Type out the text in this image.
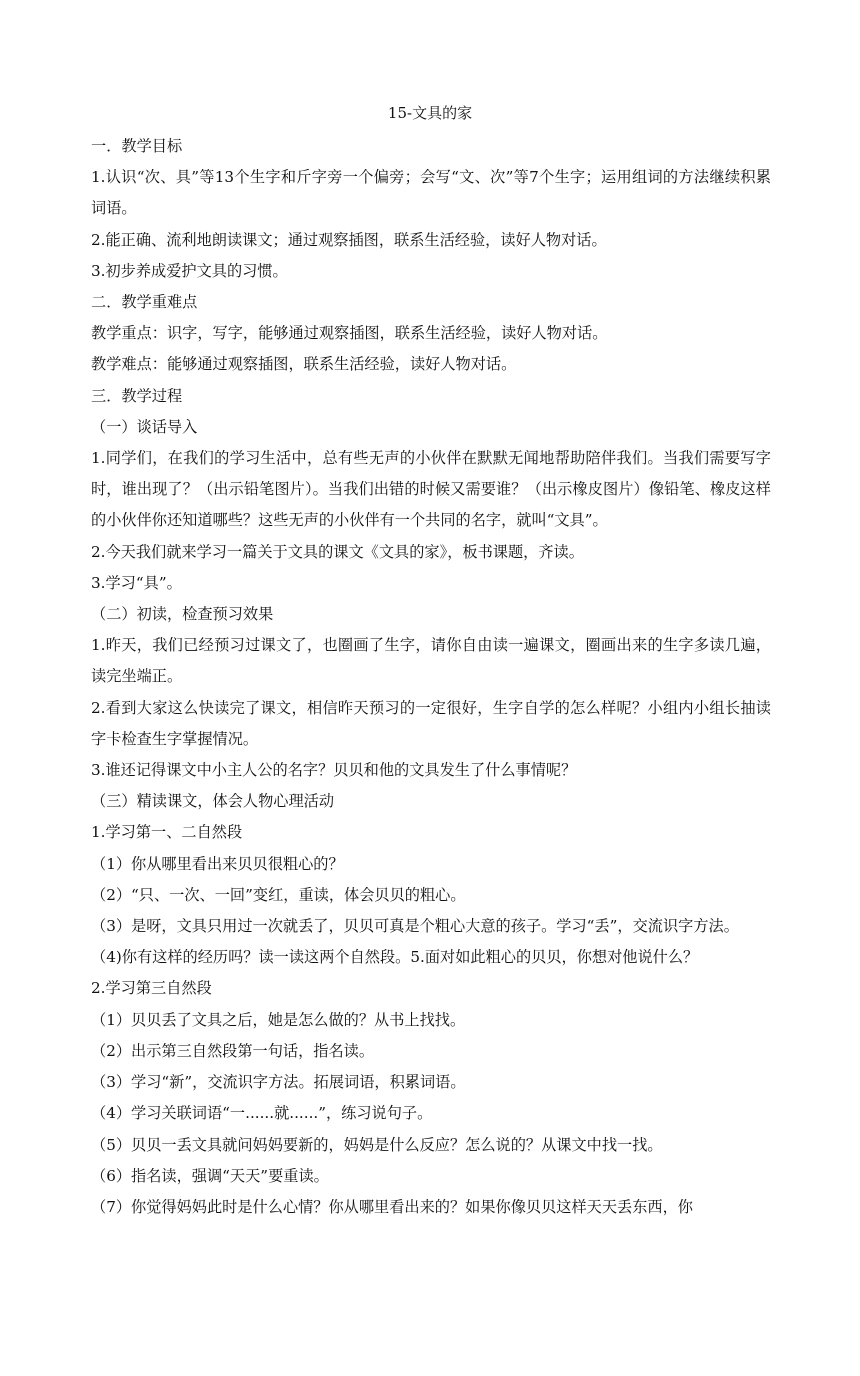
15-文具的家

一．教学目标

1.认识“次、具”等13个生字和斤字旁一个偏旁；会写“文、次”等7个生字；运用组词的方法继续积累词语。

2.能正确、流利地朗读课文；通过观察插图，联系生活经验，读好人物对话。

3.初步养成爱护文具的习惯。

二．教学重难点

教学重点：识字，写字，能够通过观察插图，联系生活经验，读好人物对话。

教学难点：能够通过观察插图，联系生活经验，读好人物对话。

三．教学过程

（一）谈话导入

1.同学们，在我们的学习生活中，总有些无声的小伙伴在默默无闻地帮助陪伴我们。当我们需要写字时，谁出现了？（出示铅笔图片）。当我们出错的时候又需要谁？（出示橡皮图片）像铅笔、橡皮这样的小伙伴你还知道哪些？这些无声的小伙伴有一个共同的名字，就叫“文具”。

2.今天我们就来学习一篇关于文具的课文《文具的家》，板书课题，齐读。

3.学习“具”。

（二）初读，检查预习效果

1.昨天，我们已经预习过课文了，也圈画了生字，请你自由读一遍课文，圈画出来的生字多读几遍，读完坐端正。

2.看到大家这么快读完了课文，相信昨天预习的一定很好，生字自学的怎么样呢？小组内小组长抽读字卡检查生字掌握情况。

3.谁还记得课文中小主人公的名字？贝贝和他的文具发生了什么事情呢？

（三）精读课文，体会人物心理活动

1.学习第一、二自然段

（1）你从哪里看出来贝贝很粗心的？

（2）“只、一次、一回”变红，重读，体会贝贝的粗心。

（3）是呀，文具只用过一次就丢了，贝贝可真是个粗心大意的孩子。学习“丢”，交流识字方法。

（4)你有这样的经历吗？读一读这两个自然段。5.面对如此粗心的贝贝，你想对他说什么？

2.学习第三自然段

（1）贝贝丢了文具之后，她是怎么做的？从书上找找。

（2）出示第三自然段第一句话，指名读。

（3）学习“新”，交流识字方法。拓展词语，积累词语。

（4）学习关联词语“一......就......”，练习说句子。

（5）贝贝一丢文具就问妈妈要新的，妈妈是什么反应？怎么说的？从课文中找一找。

（6）指名读，强调“天天”要重读。

（7）你觉得妈妈此时是什么心情？你从哪里看出来的？如果你像贝贝这样天天丢东西，你
